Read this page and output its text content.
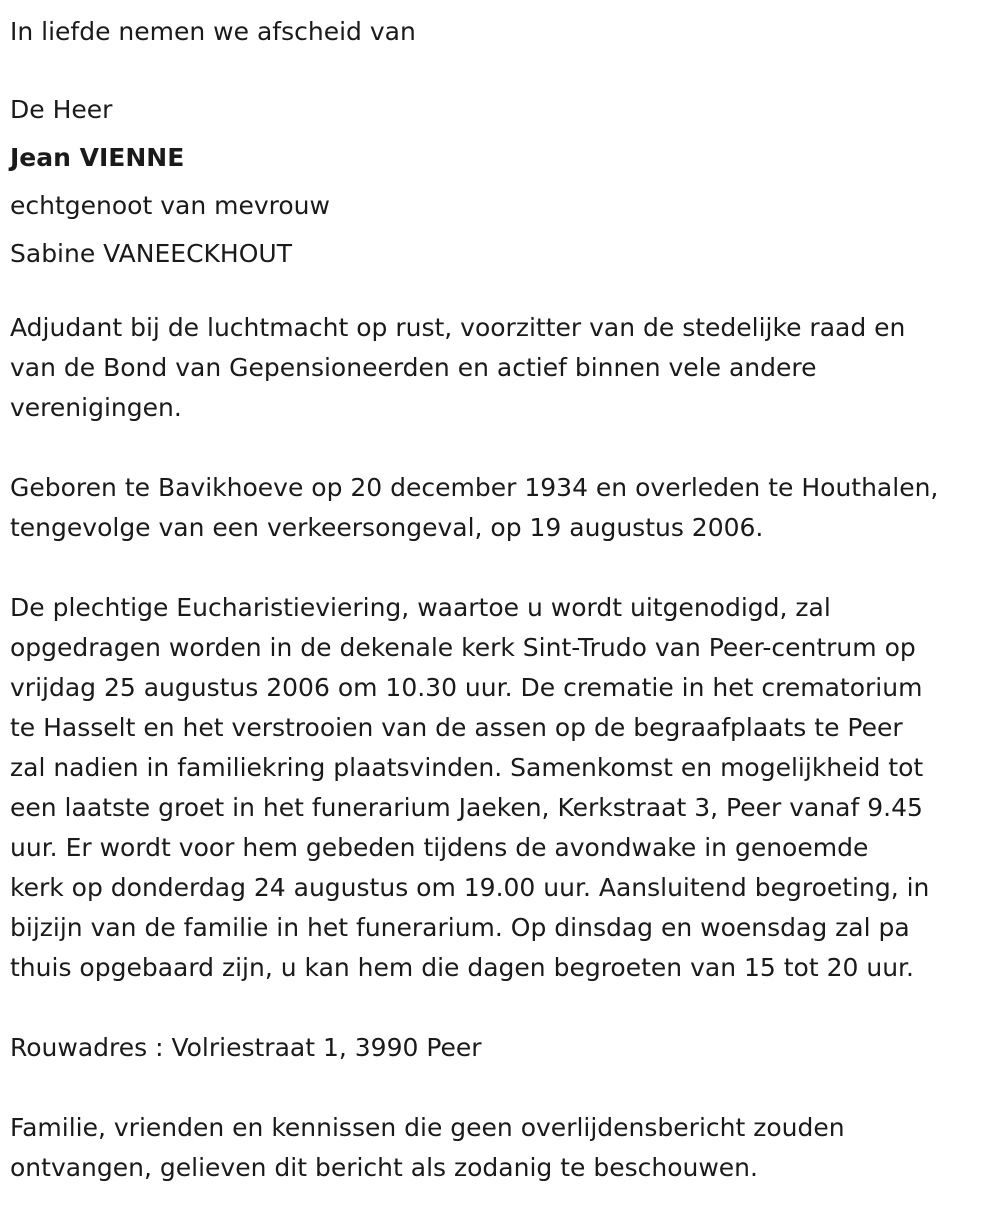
In liefde nemen we afscheid van
De Heer
Jean VIENNE
echtgenoot van mevrouw
Sabine VANEECKHOUT
Adjudant bij de luchtmacht op rust, voorzitter van de stedelijke raad en
van de Bond van Gepensioneerden en actief binnen vele andere
verenigingen.
Geboren te Bavikhoeve op 20 december 1934 en overleden te Houthalen,
tengevolge van een verkeersongeval, op 19 augustus 2006.
De plechtige Eucharistieviering, waartoe u wordt uitgenodigd, zal
opgedragen worden in de dekenale kerk Sint-Trudo van Peer-centrum op
vrijdag 25 augustus 2006 om 10.30 uur. De crematie in het crematorium
te Hasselt en het verstrooien van de assen op de begraafplaats te Peer
zal nadien in familiekring plaatsvinden. Samenkomst en mogelijkheid tot
een laatste groet in het funerarium Jaeken, Kerkstraat 3, Peer vanaf 9.45
uur. Er wordt voor hem gebeden tijdens de avondwake in genoemde
kerk op donderdag 24 augustus om 19.00 uur. Aansluitend begroeting, in
bijzijn van de familie in het funerarium. Op dinsdag en woensdag zal pa
thuis opgebaard zijn, u kan hem die dagen begroeten van 15 tot 20 uur.
Rouwadres : Volriestraat 1, 3990 Peer
Familie, vrienden en kennissen die geen overlijdensbericht zouden
ontvangen, gelieven dit bericht als zodanig te beschouwen.
